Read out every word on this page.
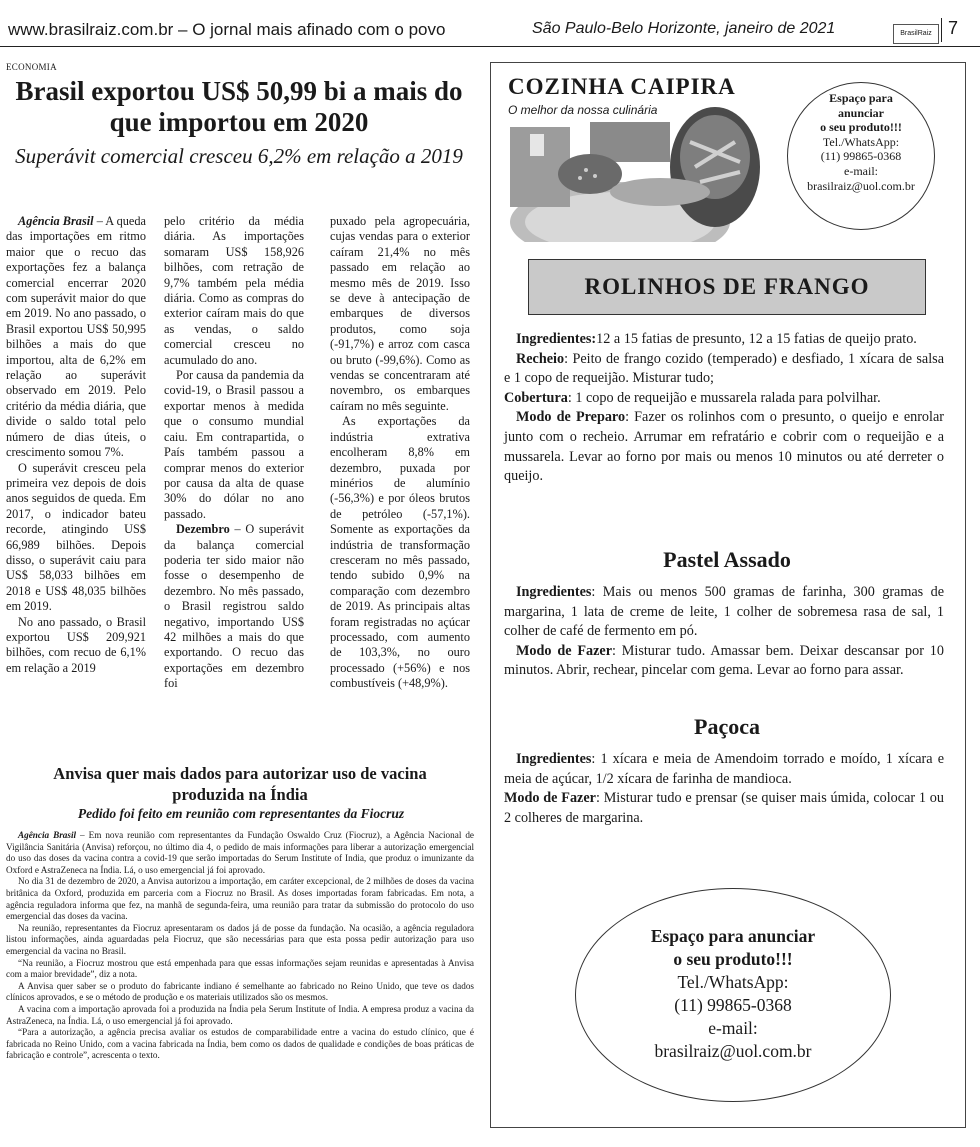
www.brasilraiz.com.br – O jornal mais afinado com o povo	São Paulo-Belo Horizonte, janeiro de 2021	BrasilRaiz 7
ECONOMIA
Brasil exportou US$ 50,99 bi a mais do que importou em 2020
Superávit comercial cresceu 6,2% em relação a 2019

Agência Brasil – A queda das importações em ritmo maior que o recuo das exportações fez a balança comercial encerrar 2020 com superávit maior do que em 2019. No ano passado, o Brasil exportou US$ 50,995 bilhões a mais do que importou, alta de 6,2% em relação ao superávit observado em 2019. Pelo critério da média diária, que divide o saldo total pelo número de dias úteis, o crescimento somou 7%.

O superávit cresceu pela primeira vez depois de dois anos seguidos de queda. Em 2017, o indicador bateu recorde, atingindo US$ 66,989 bilhões. Depois disso, o superávit caiu para US$ 58,033 bilhões em 2018 e US$ 48,035 bilhões em 2019.

No ano passado, o Brasil exportou US$ 209,921 bilhões, com recuo de 6,1% em relação a 2019

pelo critério da média diária. As importações somaram US$ 158,926 bilhões, com retração de 9,7% também pela média diária. Como as compras do exterior caíram mais do que as vendas, o saldo comercial cresceu no acumulado do ano.

Por causa da pandemia da covid-19, o Brasil passou a exportar menos à medida que o consumo mundial caiu. Em contrapartida, o País também passou a comprar menos do exterior por causa da alta de quase 30% do dólar no ano passado.

Dezembro – O superávit da balança comercial poderia ter sido maior não fosse o desempenho de dezembro. No mês passado, o Brasil registrou saldo negativo, importando US$ 42 milhões a mais do que exportando. O recuo das exportações em dezembro foi

puxado pela agropecuária, cujas vendas para o exterior caíram 21,4% no mês passado em relação ao mesmo mês de 2019. Isso se deve à antecipação de embarques de diversos produtos, como soja (-91,7%) e arroz com casca ou bruto (-99,6%). Como as vendas se concentraram até novembro, os embarques caíram no mês seguinte.

As exportações da indústria extrativa encolheram 8,8% em dezembro, puxada por minérios de alumínio (-56,3%) e por óleos brutos de petróleo (-57,1%). Somente as exportações da indústria de transformação cresceram no mês passado, tendo subido 0,9% na comparação com dezembro de 2019. As principais altas foram registradas no açúcar processado, com aumento de 103,3%, no ouro processado (+56%) e nos combustíveis (+48,9%).

Anvisa quer mais dados para autorizar uso de vacina produzida na Índia
Pedido foi feito em reunião com representantes da Fiocruz

Agência Brasil – Em nova reunião com representantes da Fundação Oswaldo Cruz (Fiocruz), a Agência Nacional de Vigilância Sanitária (Anvisa) reforçou, no último dia 4, o pedido de mais informações para liberar a autorização emergencial do uso das doses da vacina contra a covid-19 que serão importadas do Serum Institute of India, que produz o imunizante da Oxford e AstraZeneca na Índia. Lá, o uso emergencial já foi aprovado.

No dia 31 de dezembro de 2020, a Anvisa autorizou a importação, em caráter excepcional, de 2 milhões de doses da vacina britânica da Oxford, produzida em parceria com a Fiocruz no Brasil. As doses importadas foram fabricadas. Em nota, a agência reguladora informa que fez, na manhã de segunda-feira, uma reunião para tratar da submissão do protocolo do uso emergencial das doses da vacina.

Na reunião, representantes da Fiocruz apresentaram os dados já de posse da fundação. Na ocasião, a agência reguladora listou informações, ainda aguardadas pela Fiocruz, que são necessárias para que esta possa pedir autorização para uso emergencial da vacina no Brasil.

“Na reunião, a Fiocruz mostrou que está empenhada para que essas informações sejam reunidas e apresentadas à Anvisa com a maior brevidade”, diz a nota.

A Anvisa quer saber se o produto do fabricante indiano é semelhante ao fabricado no Reino Unido, que teve os dados clínicos aprovados, e se o método de produção e os materiais utilizados são os mesmos.

A vacina com a importação aprovada foi a produzida na Índia pela Serum Institute of India. A empresa produz a vacina da AstraZeneca, na Índia. Lá, o uso emergencial já foi aprovado.

“Para a autorização, a agência precisa avaliar os estudos de comparabilidade entre a vacina do estudo clínico, que é fabricada no Reino Unido, com a vacina fabricada na Índia, bem como os dados de qualidade e condições de boas práticas de fabricação e controle”, acrescenta o texto.

COZINHA CAIPIRA
O melhor da nossa culinária
Espaço para
anunciar
o seu produto!!!
Tel./WhatsApp:
(11) 99865-0368
e-mail:
brasilraiz@uol.com.br
ROLINHOS DE FRANGO

Ingredientes:12 a 15 fatias de presunto, 12 a 15 fatias de queijo prato.

Recheio: Peito de frango cozido (temperado) e desfiado, 1 xícara de salsa e 1 copo de requeijão. Misturar tudo;

Cobertura: 1 copo de requeijão e mussarela ralada para polvilhar.

Modo de Preparo: Fazer os rolinhos com o presunto, o queijo e enrolar junto com o recheio. Arrumar em refratário e cobrir com o requeijão e a mussarela. Levar ao forno por mais ou menos 10 minutos ou até derreter o queijo.

Pastel Assado

Ingredientes: Mais ou menos 500 gramas de farinha, 300 gramas de margarina, 1 lata de creme de leite, 1 colher de sobremesa rasa de sal, 1 colher de café de fermento em pó.

Modo de Fazer: Misturar tudo. Amassar bem. Deixar descansar por 10 minutos. Abrir, rechear, pincelar com gema. Levar ao forno para assar.

Paçoca

Ingredientes: 1 xícara e meia de Amendoim torrado e moído, 1 xícara e meia de açúcar, 1/2 xícara de farinha de mandioca.

Modo de Fazer: Misturar tudo e prensar (se quiser mais úmida, colocar 1 ou 2 colheres de margarina.

Espaço para anunciar
o seu produto!!!
Tel./WhatsApp:
(11) 99865-0368
e-mail:
brasilraiz@uol.com.br
